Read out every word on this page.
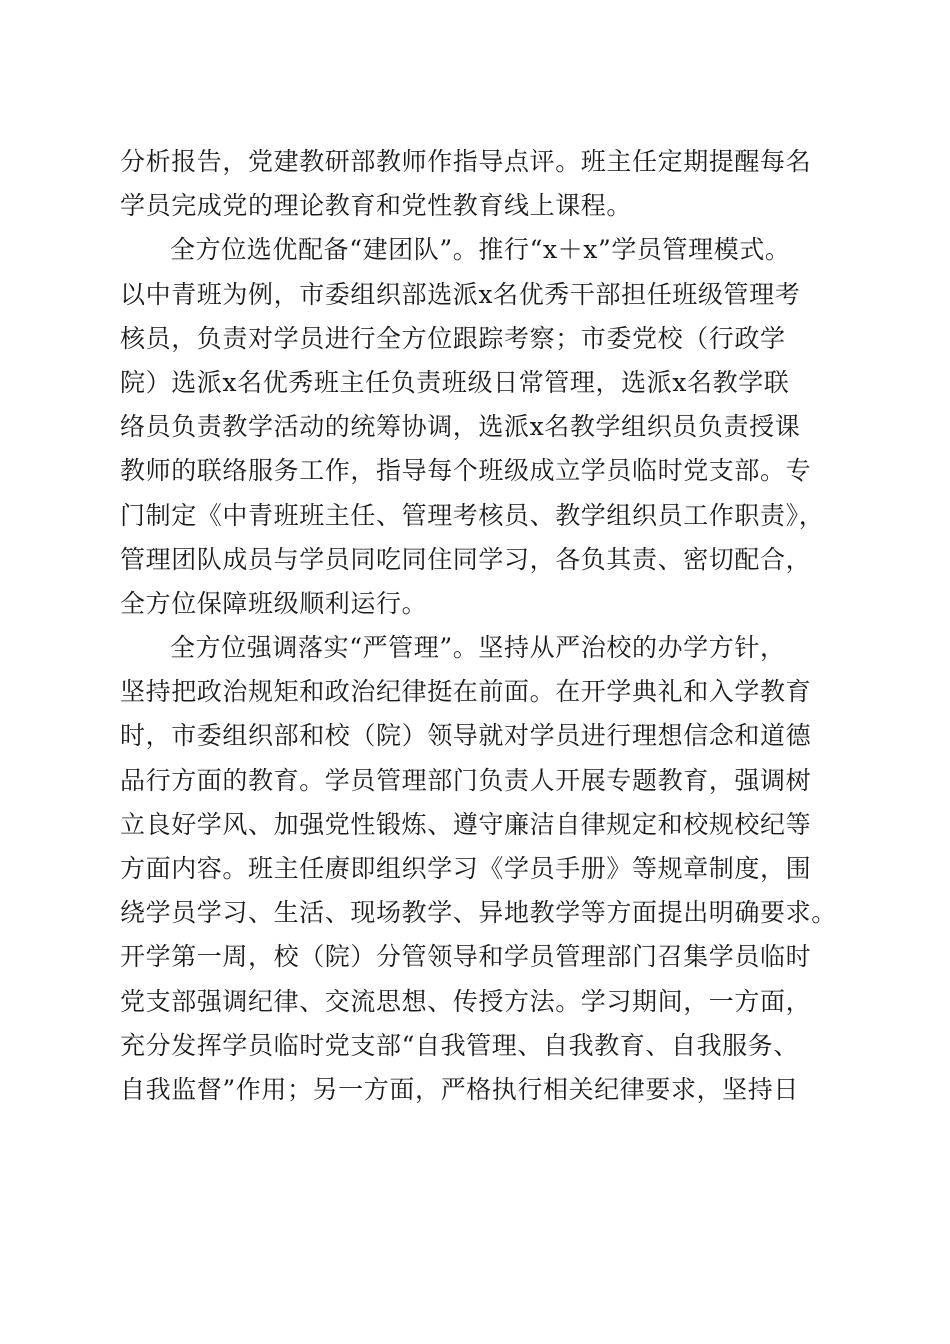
分析报告，党建教研部教师作指导点评。班主任定期提醒每名
学员完成党的理论教育和党性教育线上课程。
全方位选优配备“建团队”。推行“x＋x”学员管理模式。
以中青班为例，市委组织部选派x名优秀干部担任班级管理考
核员，负责对学员进行全方位跟踪考察；市委党校（行政学
院）选派x名优秀班主任负责班级日常管理，选派x名教学联
络员负责教学活动的统筹协调，选派x名教学组织员负责授课
教师的联络服务工作，指导每个班级成立学员临时党支部。专
门制定《中青班班主任、管理考核员、教学组织员工作职责》，
管理团队成员与学员同吃同住同学习，各负其责、密切配合，
全方位保障班级顺利运行。
全方位强调落实“严管理”。坚持从严治校的办学方针，
坚持把政治规矩和政治纪律挺在前面。在开学典礼和入学教育
时，市委组织部和校（院）领导就对学员进行理想信念和道德
品行方面的教育。学员管理部门负责人开展专题教育，强调树
立良好学风、加强党性锻炼、遵守廉洁自律规定和校规校纪等
方面内容。班主任赓即组织学习《学员手册》等规章制度，围
绕学员学习、生活、现场教学、异地教学等方面提出明确要求。
开学第一周，校（院）分管领导和学员管理部门召集学员临时
党支部强调纪律、交流思想、传授方法。学习期间，一方面，
充分发挥学员临时党支部“自我管理、自我教育、自我服务、
自我监督”作用；另一方面，严格执行相关纪律要求，坚持日
